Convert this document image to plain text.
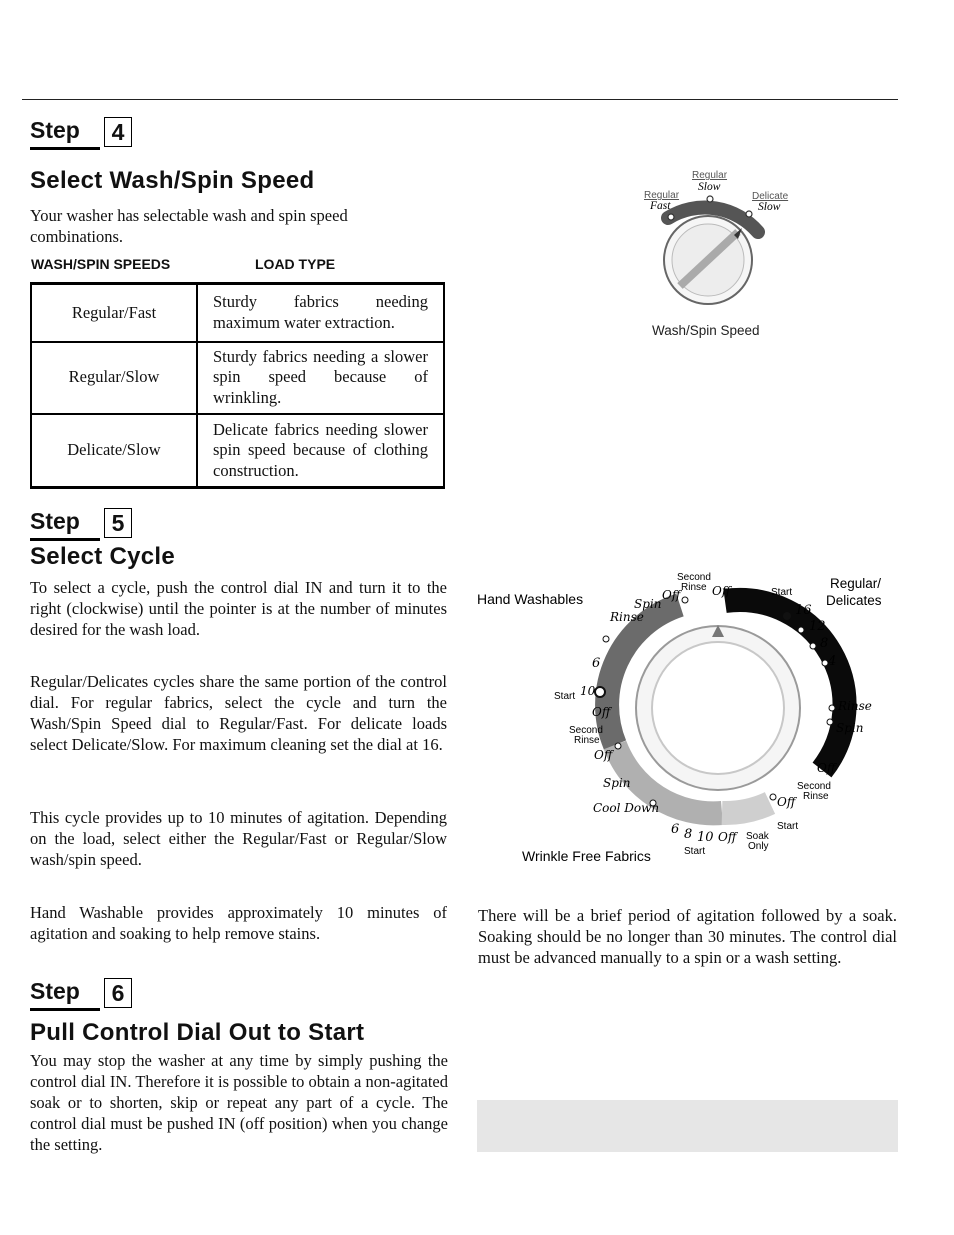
Step 4
Select Wash/Spin Speed
Your washer has selectable wash and spin speed combinations.
WASH/SPIN SPEEDS	LOAD TYPE
Regular/Fast	Sturdy fabrics needing maximum water extraction.
Regular/Slow	Sturdy fabrics needing a slower spin speed because of wrinkling.
Delicate/Slow	Delicate fabrics needing slower spin speed because of clothing construction.
Regular
Fast
Regular
Slow
Delicate
Slow
Wash/Spin Speed
Step 5
Select Cycle
To select a cycle, push the control dial IN and turn it to the right (clockwise) until the pointer is at the number of minutes desired for the wash load.
Regular/Delicates cycles share the same portion of the control dial. For regular fabrics, select the cycle and turn the Wash/Spin Speed dial to Regular/Fast. For delicate loads select Delicate/Slow. For maximum cleaning set the dial at 16.
This cycle provides up to 10 minutes of agitation. Depending on the load, select either the Regular/Fast or Regular/Slow wash/spin speed.
Hand Washable provides approximately 10 minutes of agitation and soaking to help remove stains.
Hand Washables
Regular/
Delicates
Wrinkle Free Fabrics
Second
Rinse
Off	Off	Start
Spin
Rinse	16
12
8
4
Rinse
Spin
6
Start 10
Off
Second
Rinse
Off
Spin
Cool Down
Off
Second
Rinse
Off
Start
6 8 10 Off
Start
Soak
Only
There will be a brief period of agitation followed by a soak. Soaking should be no longer than 30 minutes. The control dial must be advanced manually to a spin or a wash setting.
Step 6
Pull Control Dial Out to Start
You may stop the washer at any time by simply pushing the control dial IN. Therefore it is possible to obtain a non-agitated soak or to shorten, skip or repeat any part of a cycle. The control dial must be pushed IN (off position) when you change the setting.
